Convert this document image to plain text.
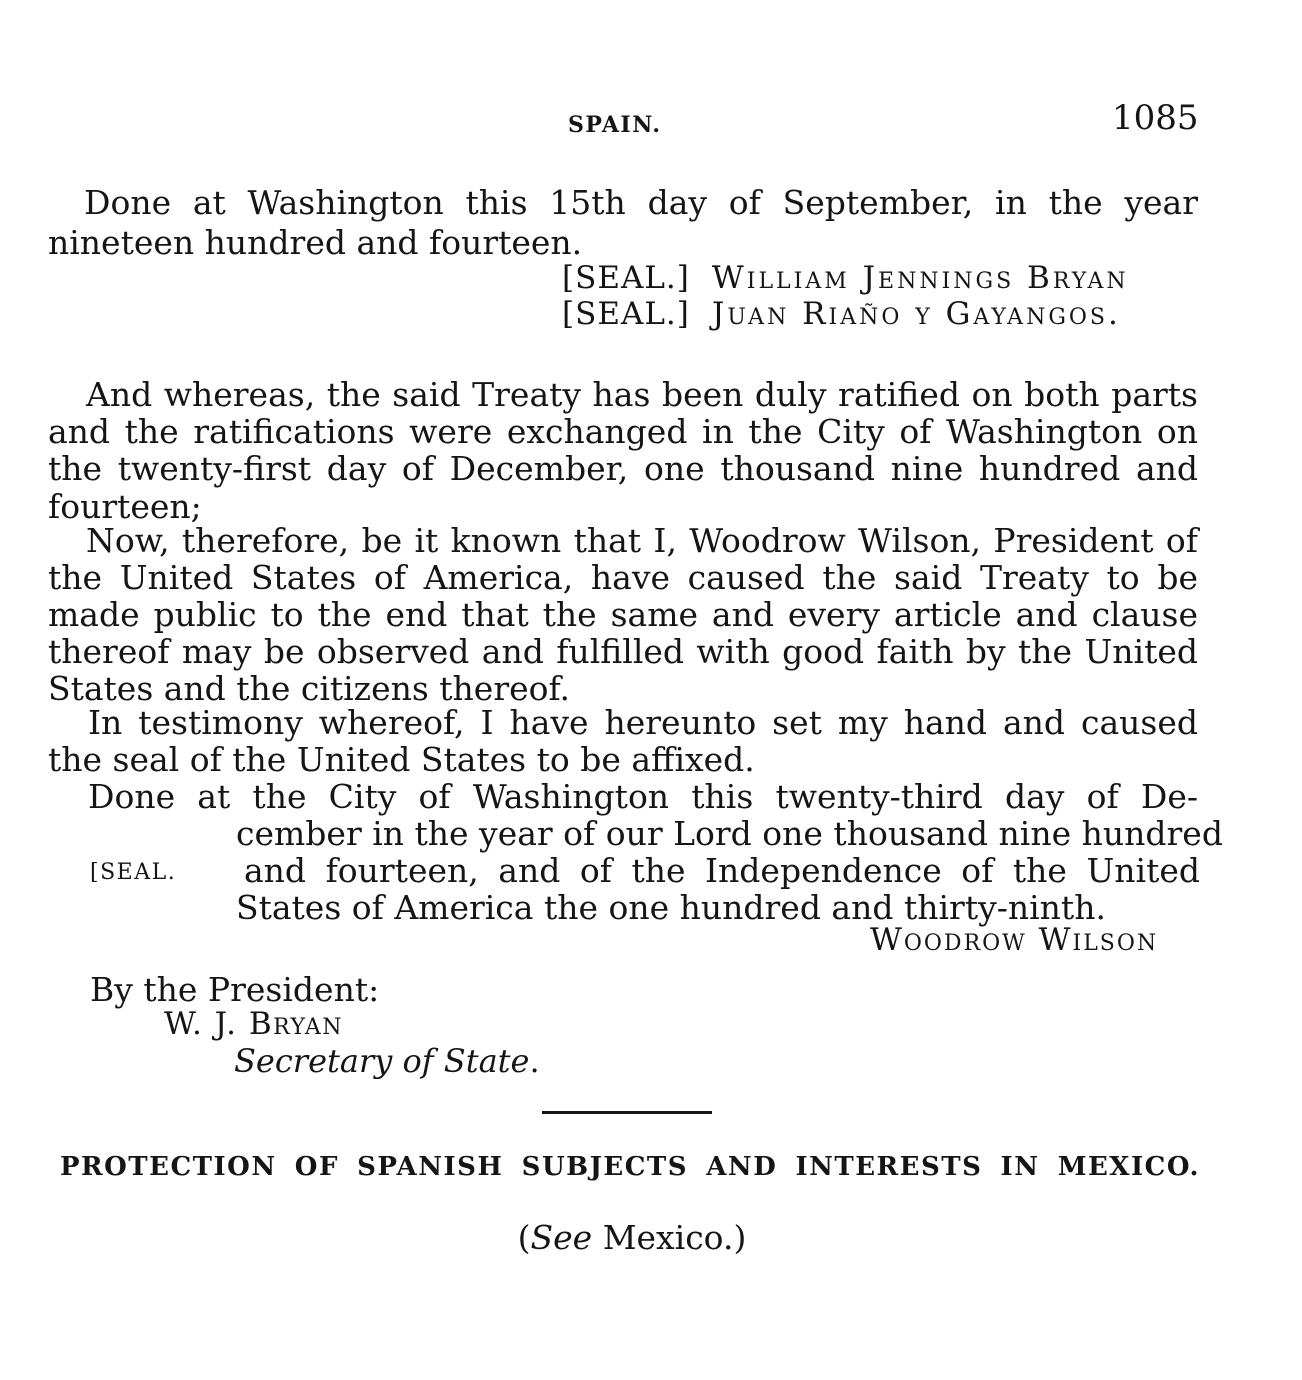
SPAIN.	1085
Done at Washington this 15th day of September, in the year
nineteen hundred and fourteen.
[SEAL.] William Jennings Bryan
[SEAL.] Juan Riaño y Gayangos.
And whereas, the said Treaty has been duly ratified on both parts
and the ratifications were exchanged in the City of Washington on
the twenty-first day of December, one thousand nine hundred and
fourteen;
Now, therefore, be it known that I, Woodrow Wilson, President of
the United States of America, have caused the said Treaty to be
made public to the end that the same and every article and clause
thereof may be observed and fulfilled with good faith by the United
States and the citizens thereof.
In testimony whereof, I have hereunto set my hand and caused
the seal of the United States to be affixed.
Done at the City of Washington this twenty-third day of De-
cember in the year of our Lord one thousand nine hundred
and fourteen, and of the Independence of the United
States of America the one hundred and thirty-ninth.
[SEAL.
Woodrow Wilson
By the President:
W. J. Bryan
Secretary of State.
PROTECTION OF SPANISH SUBJECTS AND INTERESTS IN MEXICO.
(See Mexico.)
